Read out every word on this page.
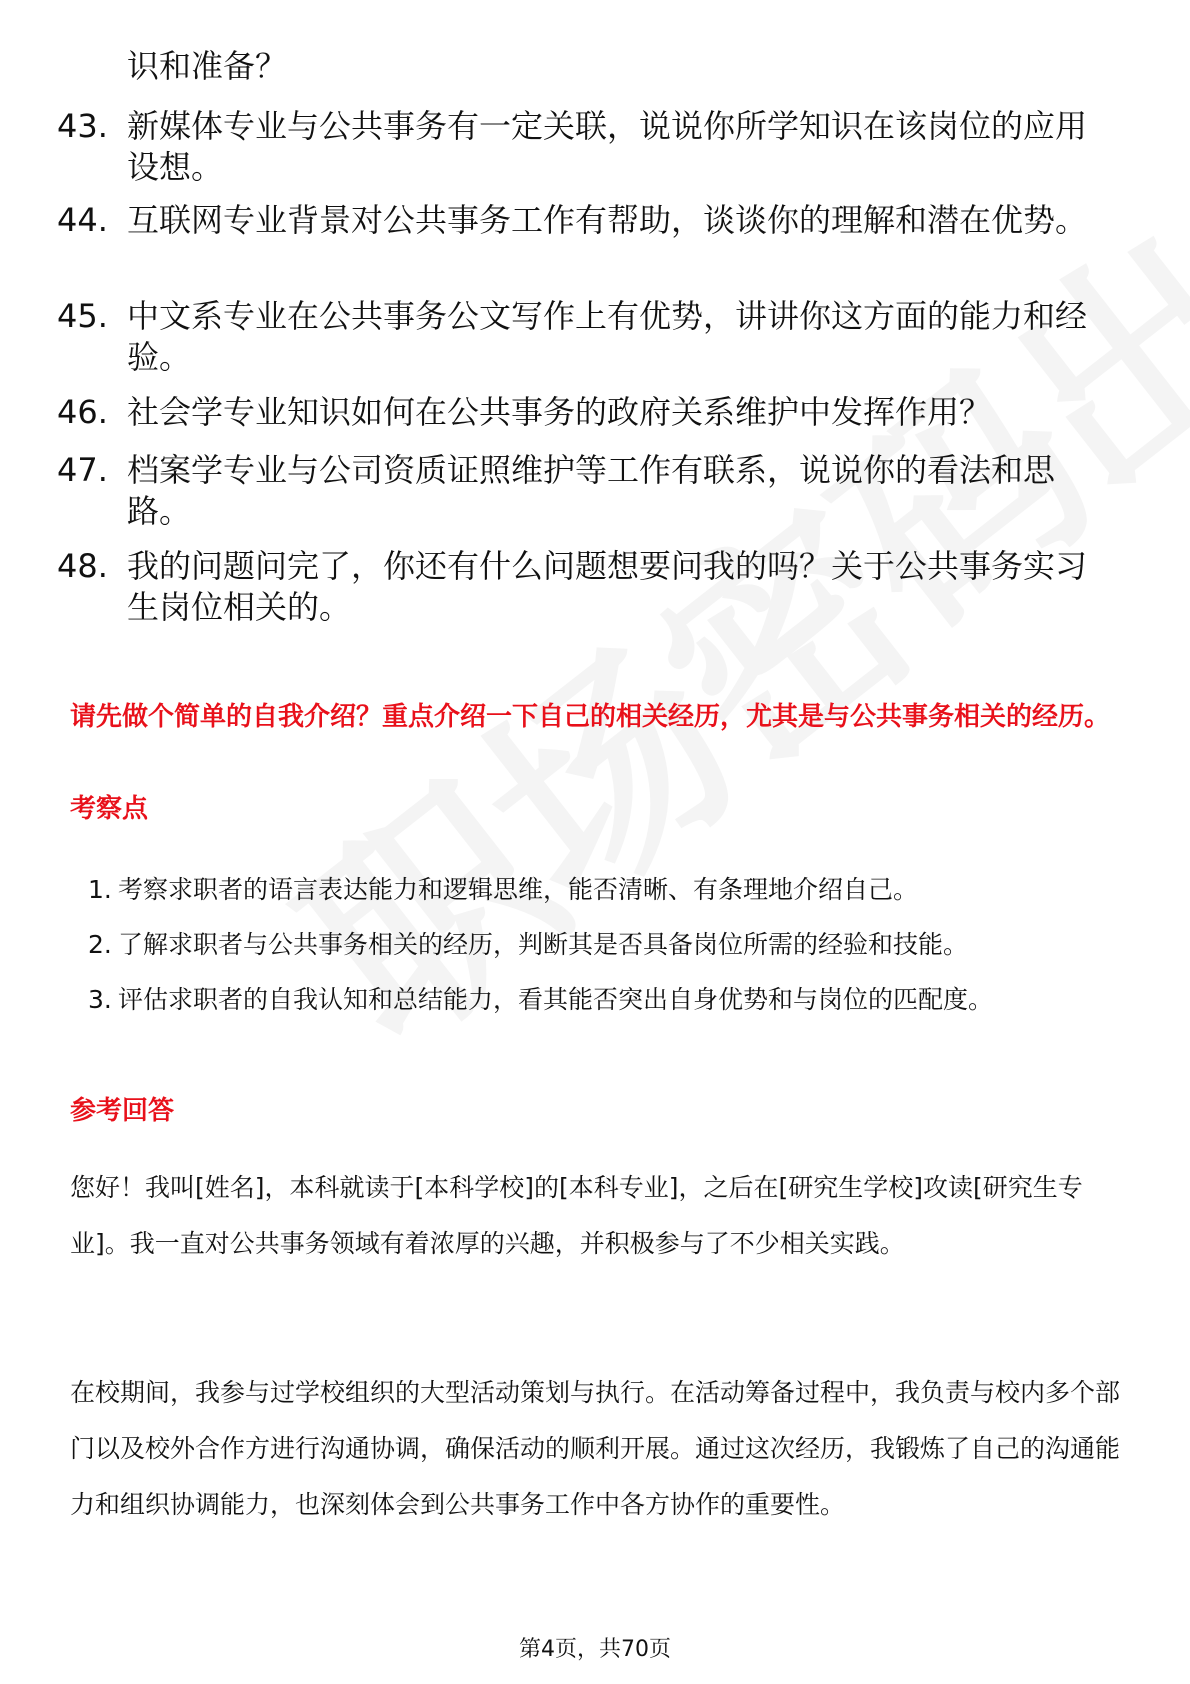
识和准备？
43. 新媒体专业与公共事务有一定关联，说说你所学知识在该岗位的应用设想。
44. 互联网专业背景对公共事务工作有帮助，谈谈你的理解和潜在优势。
45. 中文系专业在公共事务公文写作上有优势，讲讲你这方面的能力和经验。
46. 社会学专业知识如何在公共事务的政府关系维护中发挥作用？
47. 档案学专业与公司资质证照维护等工作有联系，说说你的看法和思路。
48. 我的问题问完了，你还有什么问题想要问我的吗？关于公共事务实习生岗位相关的。
请先做个简单的自我介绍？重点介绍一下自己的相关经历，尤其是与公共事务相关的经历。
考察点
1. 考察求职者的语言表达能力和逻辑思维，能否清晰、有条理地介绍自己。
2. 了解求职者与公共事务相关的经历，判断其是否具备岗位所需的经验和技能。
3. 评估求职者的自我认知和总结能力，看其能否突出自身优势和与岗位的匹配度。
参考回答
您好！我叫[姓名]，本科就读于[本科学校]的[本科专业]，之后在[研究生学校]攻读[研究生专业]。我一直对公共事务领域有着浓厚的兴趣，并积极参与了不少相关实践。
在校期间，我参与过学校组织的大型活动策划与执行。在活动筹备过程中，我负责与校内多个部门以及校外合作方进行沟通协调，确保活动的顺利开展。通过这次经历，我锻炼了自己的沟通能力和组织协调能力，也深刻体会到公共事务工作中各方协作的重要性。
第4页，共70页
